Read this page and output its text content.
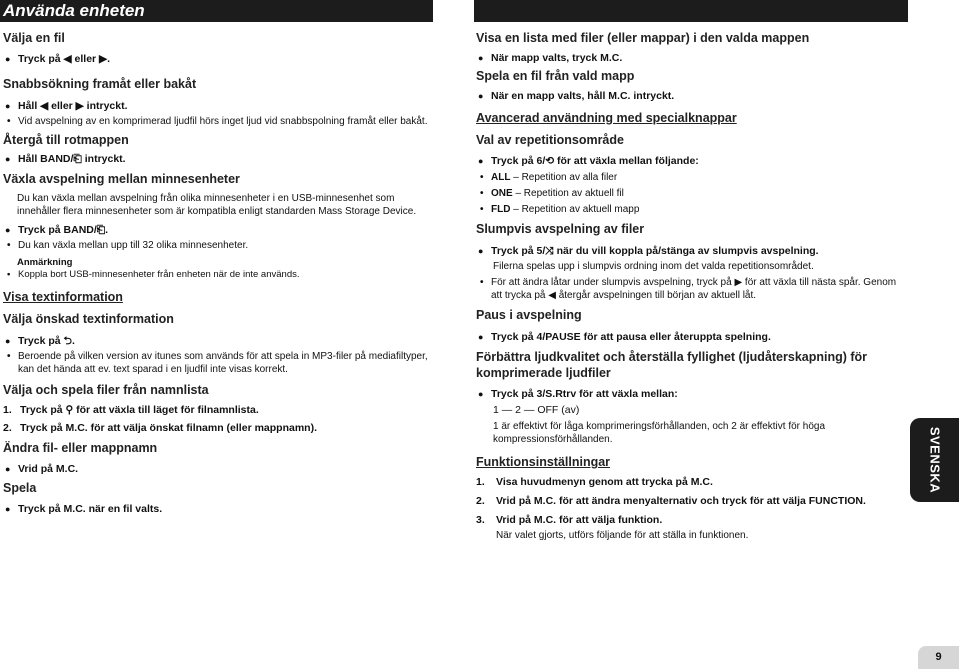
Använda enheten
Välja en fil
● Tryck på ◀ eller ▶.
Snabbsökning framåt eller bakåt
● Håll ◀ eller ▶ intryckt.
• Vid avspelning av en komprimerad ljudfil hörs inget ljud vid snabbspolning framåt eller bakåt.
Återgå till rotmappen
● Håll BAND/⎗ intryckt.
Växla avspelning mellan minnesenheter
Du kan växla mellan avspelning från olika minnesenheter i en USB-minnesenhet som innehåller flera minnesenheter som är kompatibla enligt standarden Mass Storage Device.
● Tryck på BAND/⎗.
• Du kan växla mellan upp till 32 olika minnesenheter.
Anmärkning
• Koppla bort USB-minnesenheter från enheten när de inte används.
Visa textinformation
Välja önskad textinformation
● Tryck på ⮌.
• Beroende på vilken version av itunes som används för att spela in MP3-filer på mediafiltyper, kan det hända att ev. text sparad i en ljudfil inte visas korrekt.
Välja och spela filer från namnlista
1. Tryck på ⚲ för att växla till läget för filnamnlista.
2. Tryck på M.C. för att välja önskat filnamn (eller mappnamn).
Ändra fil- eller mappnamn
● Vrid på M.C.
Spela
● Tryck på M.C. när en fil valts.
Visa en lista med filer (eller mappar) i den valda mappen
● När mapp valts, tryck M.C.
Spela en fil från vald mapp
● När en mapp valts, håll M.C. intryckt.
Avancerad användning med specialknappar
Val av repetitionsområde
● Tryck på 6/⟲ för att växla mellan följande:
• ALL – Repetition av alla filer
• ONE – Repetition av aktuell fil
• FLD – Repetition av aktuell mapp
Slumpvis avspelning av filer
● Tryck på 5/⤨ när du vill koppla på/stänga av slumpvis avspelning.
Filerna spelas upp i slumpvis ordning inom det valda repetitionsområdet.
• För att ändra låtar under slumpvis avspelning, tryck på ▶ för att växla till nästa spår. Genom att trycka på ◀ återgår avspelningen till början av aktuell låt.
Paus i avspelning
● Tryck på 4/PAUSE för att pausa eller återuppta spelning.
Förbättra ljudkvalitet och återställa fyllighet (ljudåterskapning) för komprimerade ljudfiler
● Tryck på 3/S.Rtrv för att växla mellan:
1 — 2 — OFF (av)
1 är effektivt för låga komprimeringsförhållanden, och 2 är effektivt för höga kompressionsförhållanden.
Funktionsinställningar
1. Visa huvudmenyn genom att trycka på M.C.
2. Vrid på M.C. för att ändra menyalternativ och tryck för att välja FUNCTION.
3. Vrid på M.C. för att välja funktion.
När valet gjorts, utförs följande för att ställa in funktionen.
SVENSKA
9
